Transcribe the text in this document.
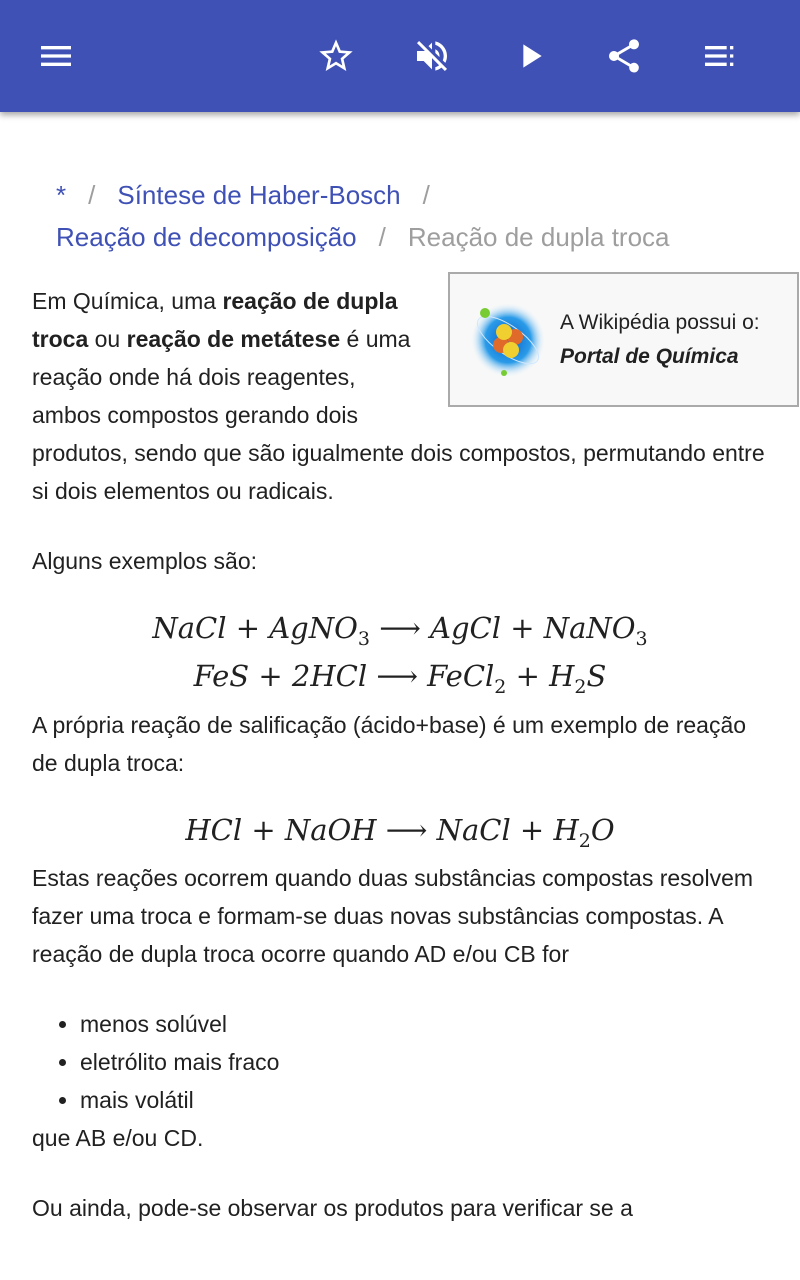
* / Síntese de Haber-Bosch /
Reação de decomposição / Reação de dupla troca
A Wikipédia possui o:
Portal de Química

Em Química, uma reação de dupla troca ou reação de metátese é uma reação onde há dois reagentes, ambos compostos gerando dois produtos, sendo que são igualmente dois compostos, permutando entre si dois elementos ou radicais.

Alguns exemplos são:

NaCl + AgNO$_3$ ⟶ AgCl + NaNO$_3$
FeS + 2HCl ⟶ FeCl$_2$ + $H_2S$

A própria reação de salificação (ácido+base) é um exemplo de reação de dupla troca:

HCl + NaOH ⟶ NaCl + $H_2O$

Estas reações ocorrem quando duas substâncias compostas resolvem fazer uma troca e formam-se duas novas substâncias compostas. A reação de dupla troca ocorre quando AD e/ou CB for

• menos solúvel
• eletrólito mais fraco
• mais volátil

que AB e/ou CD.

Ou ainda, pode-se observar os produtos para verificar se a
